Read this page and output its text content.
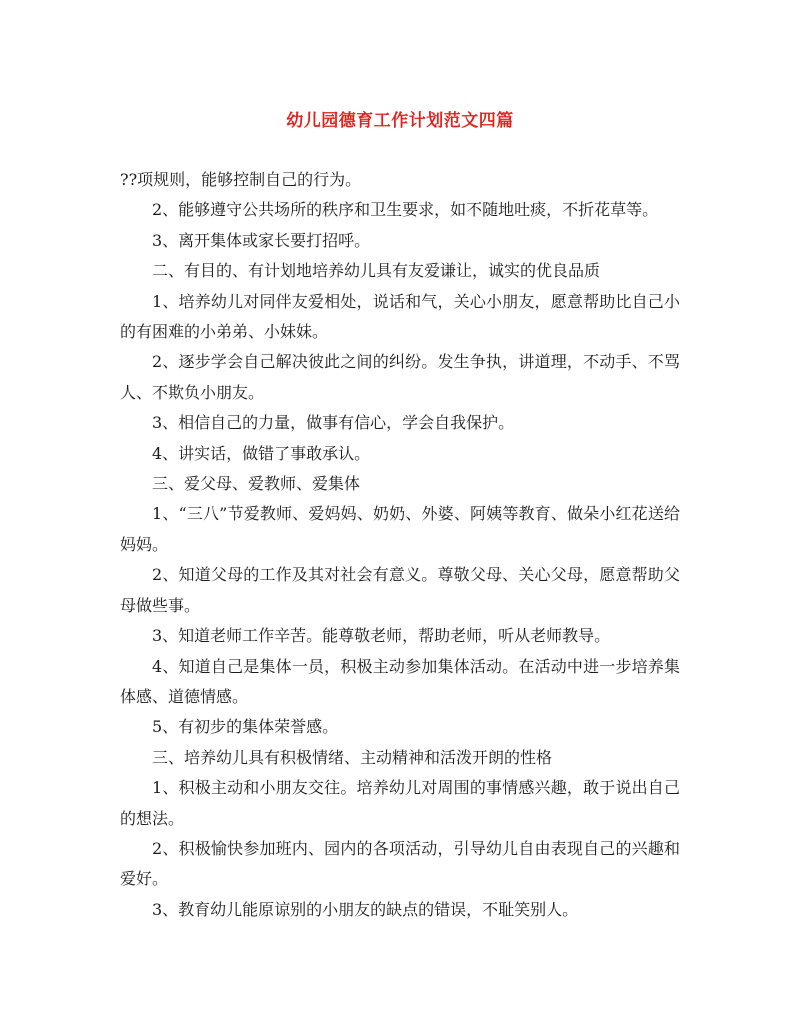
幼儿园德育工作计划范文四篇

??项规则，能够控制自己的行为。

2、能够遵守公共场所的秩序和卫生要求，如不随地吐痰，不折花草等。

3、离开集体或家长要打招呼。

二、有目的、有计划地培养幼儿具有友爱谦让，诚实的优良品质

1、培养幼儿对同伴友爱相处，说话和气，关心小朋友，愿意帮助比自己小的有困难的小弟弟、小妹妹。

2、逐步学会自己解决彼此之间的纠纷。发生争执，讲道理，不动手、不骂人、不欺负小朋友。

3、相信自己的力量，做事有信心，学会自我保护。

4、讲实话，做错了事敢承认。

三、爱父母、爱教师、爱集体

1、“三八”节爱教师、爱妈妈、奶奶、外婆、阿姨等教育、做朵小红花送给妈妈。

2、知道父母的工作及其对社会有意义。尊敬父母、关心父母，愿意帮助父母做些事。

3、知道老师工作辛苦。能尊敬老师，帮助老师，听从老师教导。

4、知道自己是集体一员，积极主动参加集体活动。在活动中进一步培养集体感、道德情感。

5、有初步的集体荣誉感。

三、培养幼儿具有积极情绪、主动精神和活泼开朗的性格

1、积极主动和小朋友交往。培养幼儿对周围的事情感兴趣，敢于说出自己的想法。

2、积极愉快参加班内、园内的各项活动，引导幼儿自由表现自己的兴趣和爱好。

3、教育幼儿能原谅别的小朋友的缺点的错误，不耻笑别人。
